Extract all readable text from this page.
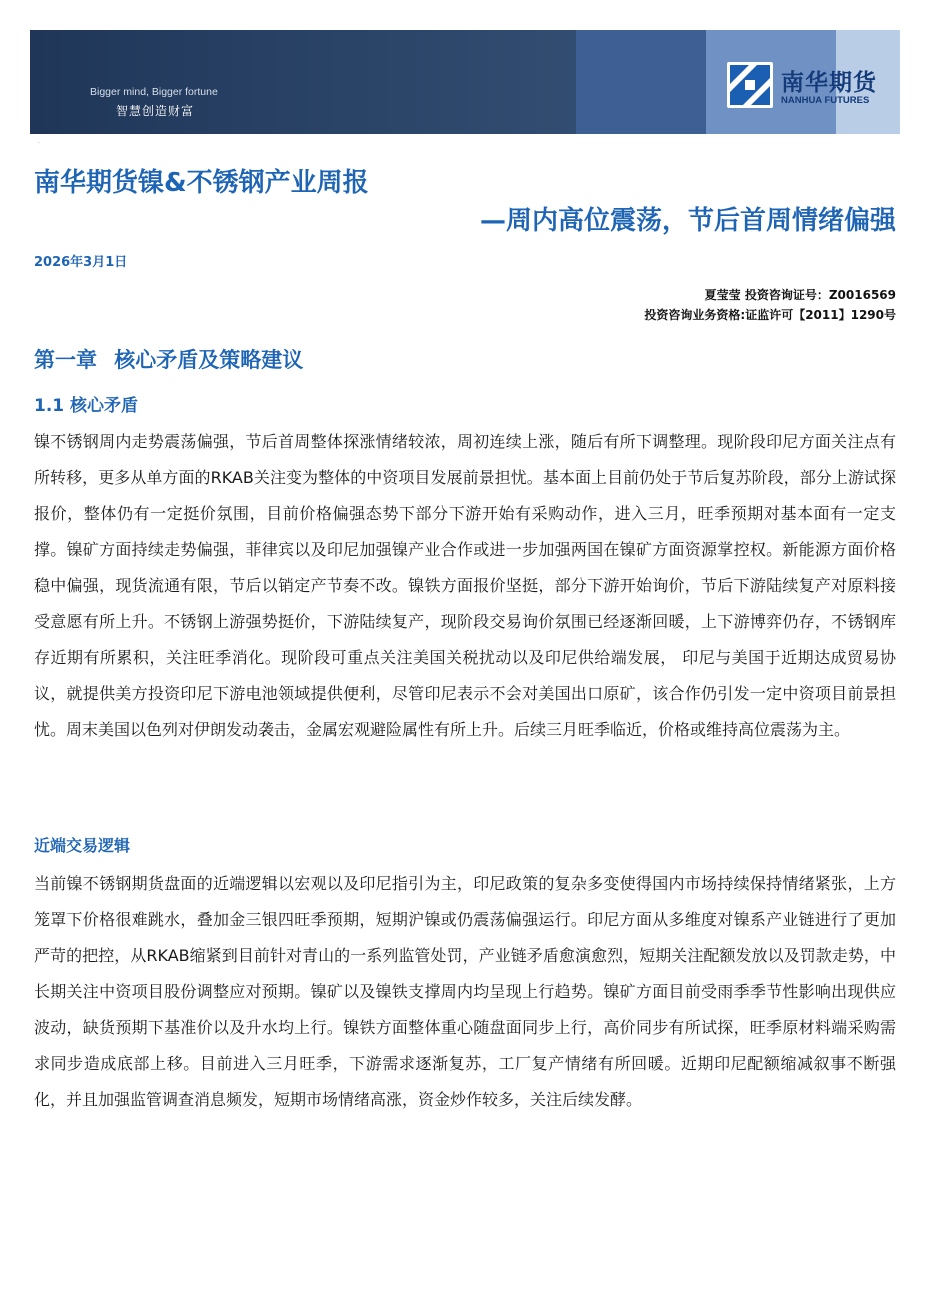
Bigger mind, Bigger fortune
智慧创造财富
南华期货
NANHUA FUTURES
·
南华期货镍&不锈钢产业周报
—周内高位震荡，节后首周情绪偏强
2026年3月1日
夏莹莹 投资咨询证号：Z0016569
投资咨询业务资格:证监许可【2011】1290号
第一章 核心矛盾及策略建议
1.1 核心矛盾

镍不锈钢周内走势震荡偏强，节后首周整体探涨情绪较浓，周初连续上涨，随后有所下调整理。现阶段印尼方面关注点有所转移，更多从单方面的RKAB关注变为整体的中资项目发展前景担忧。基本面上目前仍处于节后复苏阶段，部分上游试探报价，整体仍有一定挺价氛围，目前价格偏强态势下部分下游开始有采购动作，进入三月，旺季预期对基本面有一定支撑。镍矿方面持续走势偏强，菲律宾以及印尼加强镍产业合作或进一步加强两国在镍矿方面资源掌控权。新能源方面价格稳中偏强，现货流通有限，节后以销定产节奏不改。镍铁方面报价坚挺，部分下游开始询价，节后下游陆续复产对原料接受意愿有所上升。不锈钢上游强势挺价，下游陆续复产，现阶段交易询价氛围已经逐渐回暖，上下游博弈仍存，不锈钢库存近期有所累积，关注旺季消化。现阶段可重点关注美国关税扰动以及印尼供给端发展， 印尼与美国于近期达成贸易协议，就提供美方投资印尼下游电池领域提供便利，尽管印尼表示不会对美国出口原矿，该合作仍引发一定中资项目前景担忧。周末美国以色列对伊朗发动袭击，金属宏观避险属性有所上升。后续三月旺季临近，价格或维持高位震荡为主。

近端交易逻辑

当前镍不锈钢期货盘面的近端逻辑以宏观以及印尼指引为主，印尼政策的复杂多变使得国内市场持续保持情绪紧张，上方笼罩下价格很难跳水，叠加金三银四旺季预期，短期沪镍或仍震荡偏强运行。印尼方面从多维度对镍系产业链进行了更加严苛的把控，从RKAB缩紧到目前针对青山的一系列监管处罚，产业链矛盾愈演愈烈，短期关注配额发放以及罚款走势，中长期关注中资项目股份调整应对预期。镍矿以及镍铁支撑周内均呈现上行趋势。镍矿方面目前受雨季季节性影响出现供应波动，缺货预期下基准价以及升水均上行。镍铁方面整体重心随盘面同步上行，高价同步有所试探，旺季原材料端采购需求同步造成底部上移。目前进入三月旺季，下游需求逐渐复苏，工厂复产情绪有所回暖。近期印尼配额缩减叙事不断强化，并且加强监管调查消息频发，短期市场情绪高涨，资金炒作较多，关注后续发酵。
